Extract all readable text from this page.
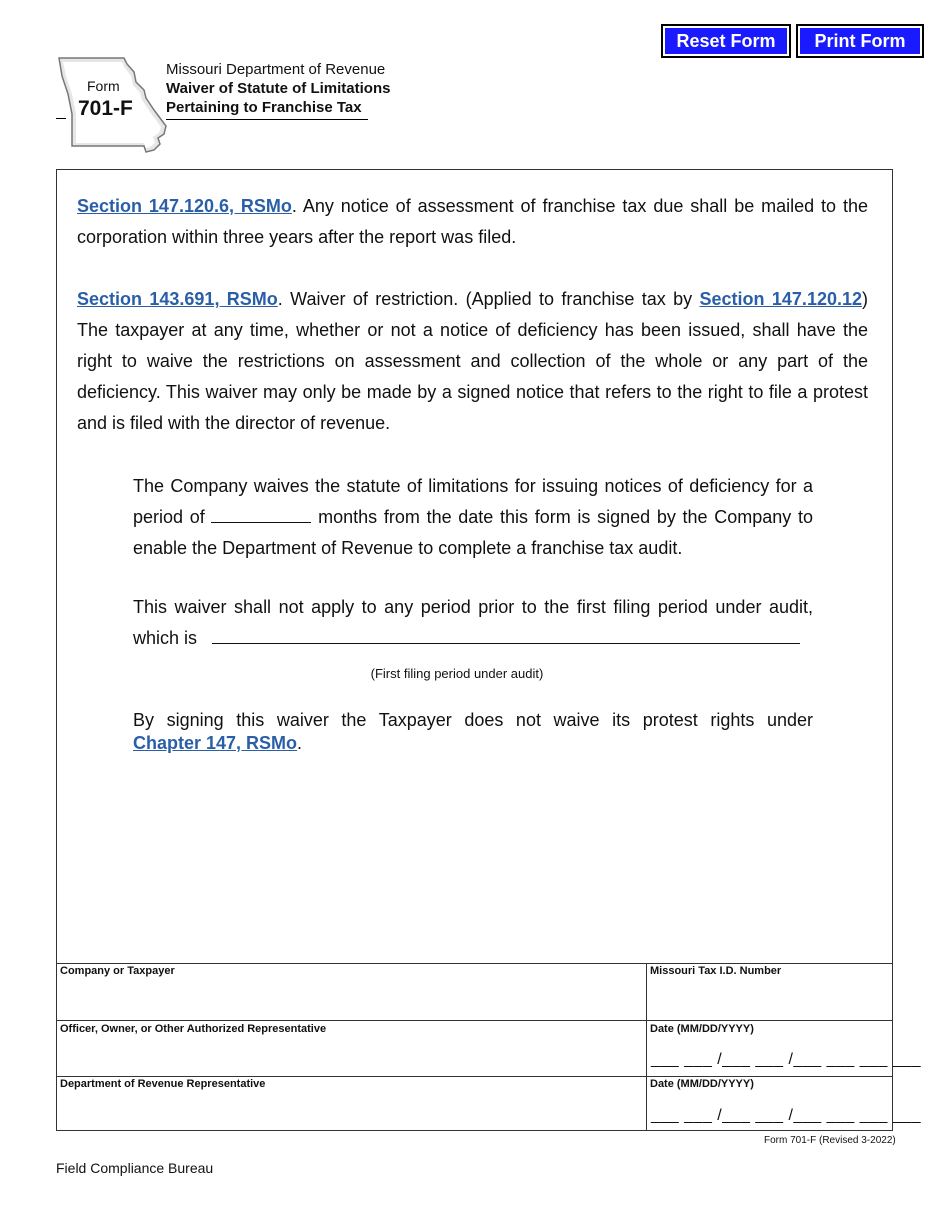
Reset Form	Print Form
Form
701-F
Missouri Department of Revenue
Waiver of Statute of Limitations
Pertaining to Franchise Tax
Section 147.120.6, RSMo. Any notice of assessment of franchise tax due shall be mailed to the corporation within three years after the report was filed.
Section 143.691, RSMo. Waiver of restriction. (Applied to franchise tax by Section 147.120.12) The taxpayer at any time, whether or not a notice of deficiency has been issued, shall have the right to waive the restrictions on assessment and collection of the whole or any part of the deficiency. This waiver may only be made by a signed notice that refers to the right to file a protest and is filed with the director of revenue.
The Company waives the statute of limitations for issuing notices of deficiency for a period of	months from the date this form is signed by the Company to enable the Department of Revenue to complete a franchise tax audit.
This waiver shall not apply to any period prior to the first filing period under audit,
which is
(First filing period under audit)
By signing this waiver the Taxpayer does not waive its protest rights under
Chapter 147, RSMo.
Company or Taxpayer	Missouri Tax I.D. Number
Officer, Owner, or Other Authorized Representative	Date (MM/DD/YYYY)
___ ___ /___ ___ /___ ___ ___ ___
Department of Revenue Representative	Date (MM/DD/YYYY)
___ ___ /___ ___ /___ ___ ___ ___
Form 701-F (Revised 3-2022)
Field Compliance Bureau
